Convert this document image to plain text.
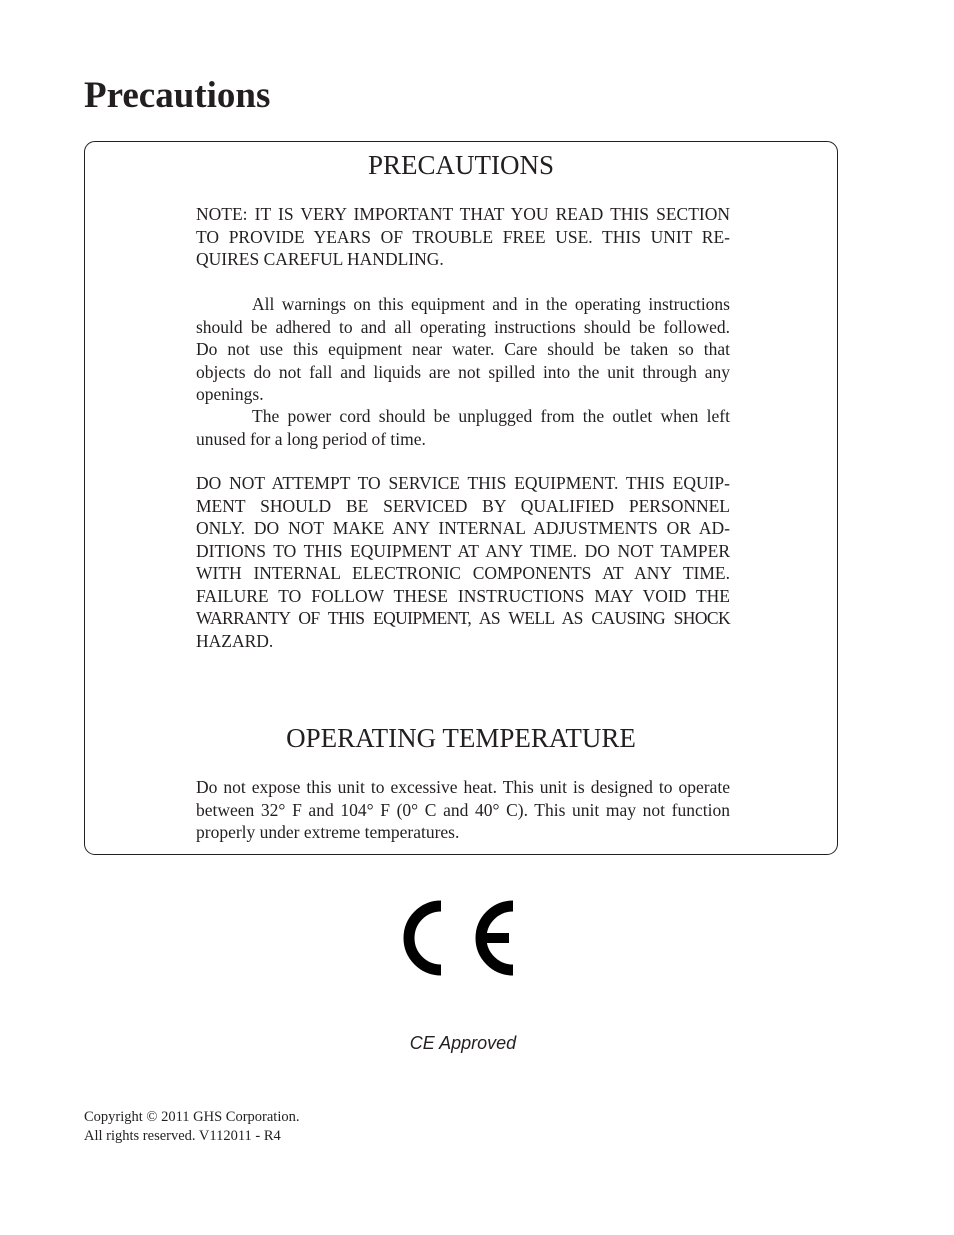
Precautions
PRECAUTIONS

NOTE: IT IS VERY IMPORTANT THAT YOU READ THIS SECTION
TO PROVIDE YEARS OF TROUBLE FREE USE. THIS UNIT RE-
QUIRES CAREFUL HANDLING.

All warnings on this equipment and in the operating instructions
should be adhered to and all operating instructions should be followed.
Do not use this equipment near water. Care should be taken so that
objects do not fall and liquids are not spilled into the unit through any
openings.

The power cord should be unplugged from the outlet when left
unused for a long period of time.

DO NOT ATTEMPT TO SERVICE THIS EQUIPMENT. THIS EQUIP-
MENT SHOULD BE SERVICED BY QUALIFIED PERSONNEL
ONLY. DO NOT MAKE ANY INTERNAL ADJUSTMENTS OR AD-
DITIONS TO THIS EQUIPMENT AT ANY TIME. DO NOT TAMPER
WITH INTERNAL ELECTRONIC COMPONENTS AT ANY TIME.
FAILURE TO FOLLOW THESE INSTRUCTIONS MAY VOID THE
WARRANTY OF THIS EQUIPMENT, AS WELL AS CAUSING SHOCK
HAZARD.

OPERATING TEMPERATURE

Do not expose this unit to excessive heat. This unit is designed to operate
between 32° F and 104° F (0° C and 40° C). This unit may not function
properly under extreme temperatures.

CE Approved
Copyright © 2011 GHS Corporation.
All rights reserved. V112011 - R4
